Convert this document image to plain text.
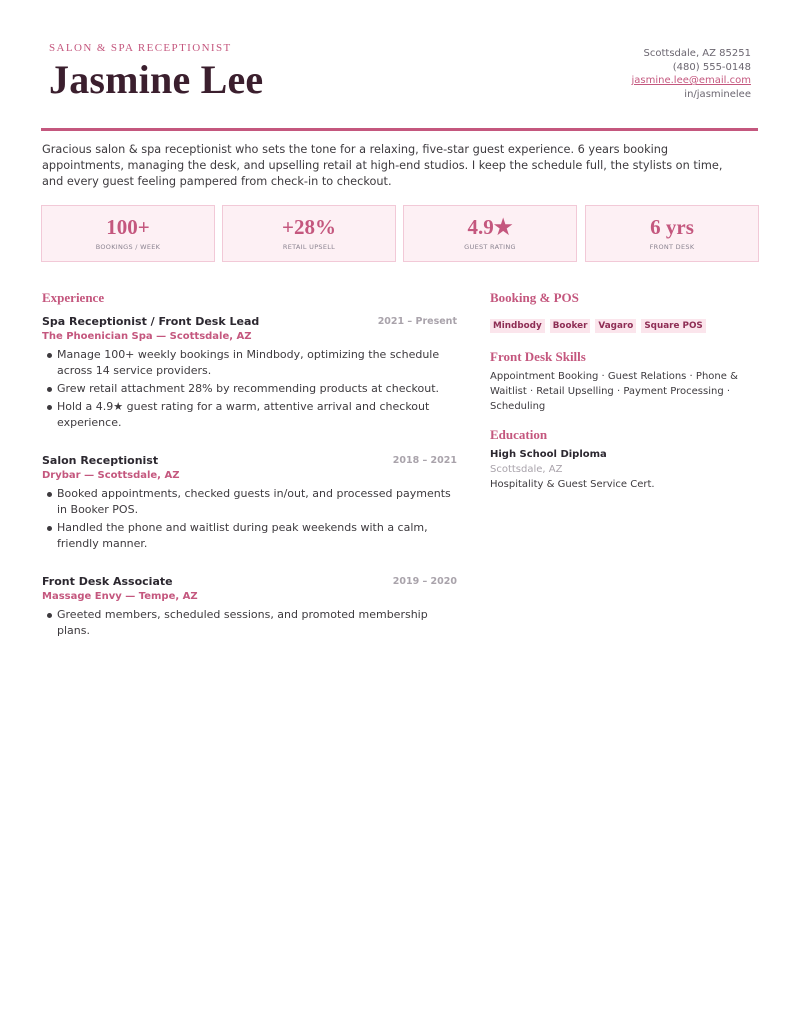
SALON & SPA RECEPTIONIST
Jasmine Lee
Scottsdale, AZ 85251
(480) 555-0148
jasmine.lee@email.com
in/jasminelee

Gracious salon & spa receptionist who sets the tone for a relaxing, five-star guest experience. 6 years booking appointments, managing the desk, and upselling retail at high-end studios. I keep the schedule full, the stylists on time, and every guest feeling pampered from check-in to checkout.

100+
BOOKINGS / WEEK
+28%
RETAIL UPSELL
4.9★
GUEST RATING
6 yrs
FRONT DESK
Experience
Spa Receptionist / Front Desk Lead	2021 – Present
The Phoenician Spa — Scottsdale, AZ
Manage 100+ weekly bookings in Mindbody, optimizing the schedule across 14 service providers.
Grew retail attachment 28% by recommending products at checkout.
Hold a 4.9★ guest rating for a warm, attentive arrival and checkout experience.
Salon Receptionist	2018 – 2021
Drybar — Scottsdale, AZ
Booked appointments, checked guests in/out, and processed payments in Booker POS.
Handled the phone and waitlist during peak weekends with a calm, friendly manner.
Front Desk Associate	2019 – 2020
Massage Envy — Tempe, AZ
Greeted members, scheduled sessions, and promoted membership plans.
Booking & POS
Mindbody	Booker	Vagaro	Square POS
Front Desk Skills
Appointment Booking · Guest Relations · Phone & Waitlist · Retail Upselling · Payment Processing · Scheduling
Education
High School Diploma
Scottsdale, AZ
Hospitality & Guest Service Cert.
